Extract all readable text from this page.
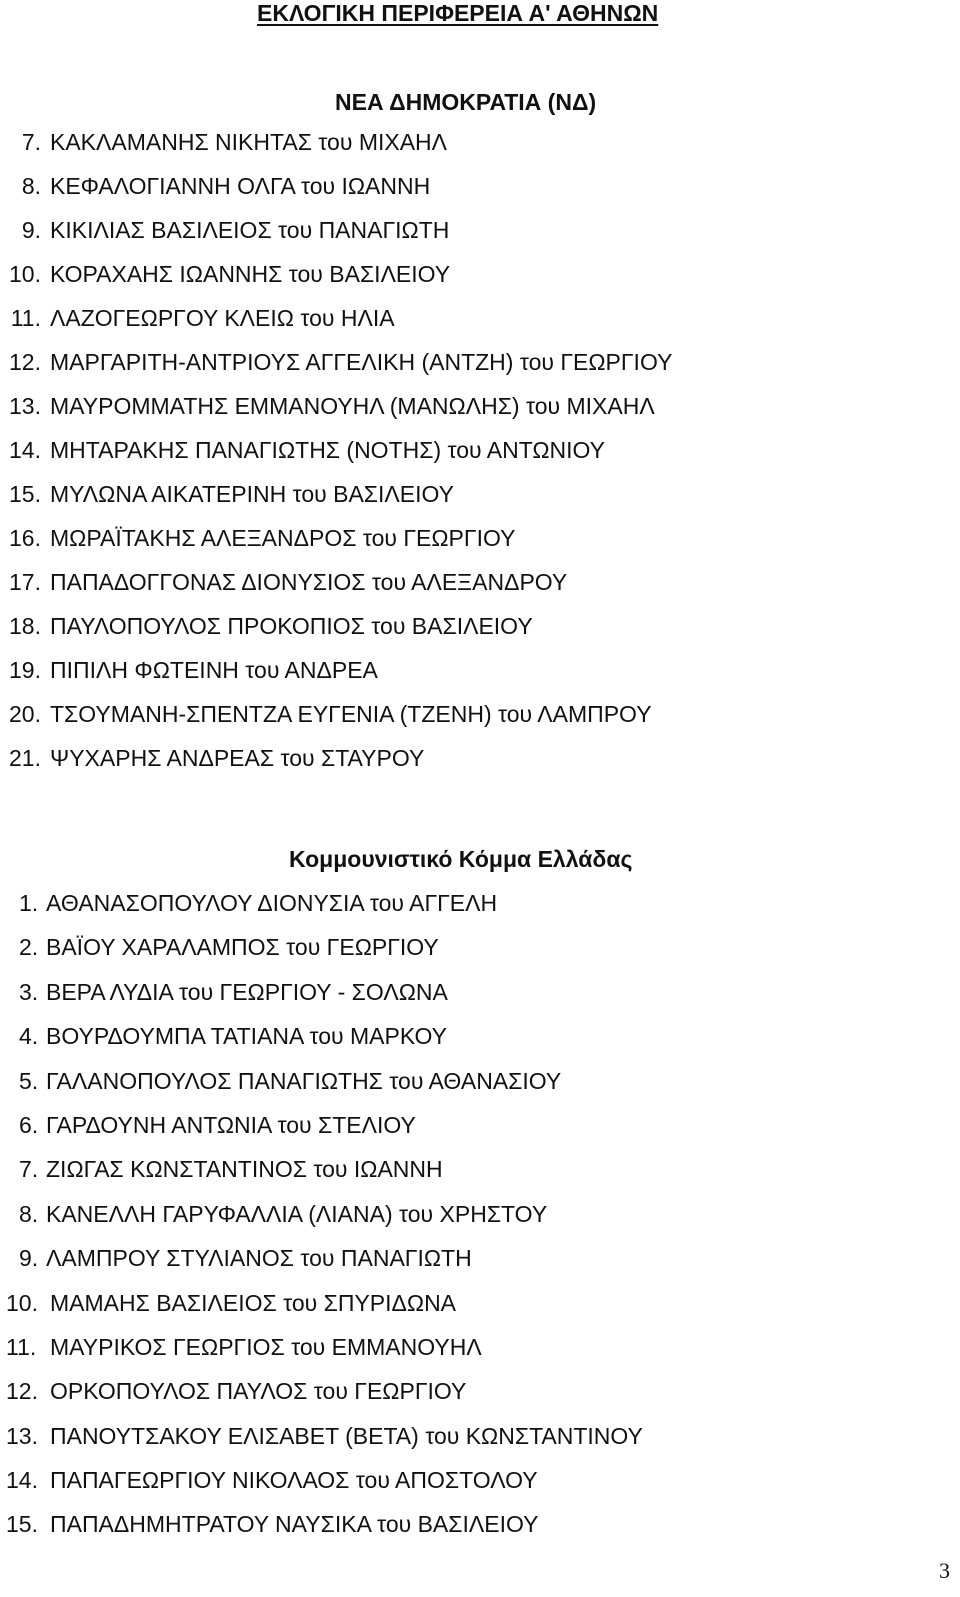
ΕΚΛΟΓΙΚΗ ΠΕΡΙΦΕΡΕΙΑ Α' ΑΘΗΝΩΝ
ΝΕΑ ΔΗΜΟΚΡΑΤΙΑ (ΝΔ)
7. ΚΑΚΛΑΜΑΝΗΣ ΝΙΚΗΤΑΣ του ΜΙΧΑΗΛ
8. ΚΕΦΑΛΟΓΙΑΝΝΗ ΟΛΓΑ του ΙΩΑΝΝΗ
9. ΚΙΚΙΛΙΑΣ ΒΑΣΙΛΕΙΟΣ του ΠΑΝΑΓΙΩΤΗ
10. ΚΟΡΑΧΑΗΣ ΙΩΑΝΝΗΣ του ΒΑΣΙΛΕΙΟΥ
11. ΛΑΖΟΓΕΩΡΓΟΥ ΚΛΕΙΩ του ΗΛΙΑ
12. ΜΑΡΓΑΡΙΤΗ-ΑΝΤΡΙΟΥΣ ΑΓΓΕΛΙΚΗ (ΑΝΤΖΗ) του ΓΕΩΡΓΙΟΥ
13. ΜΑΥΡΟΜΜΑΤΗΣ ΕΜΜΑΝΟΥΗΛ (ΜΑΝΩΛΗΣ) του ΜΙΧΑΗΛ
14. ΜΗΤΑΡΑΚΗΣ ΠΑΝΑΓΙΩΤΗΣ (ΝΟΤΗΣ) του ΑΝΤΩΝΙΟΥ
15. ΜΥΛΩΝΑ ΑΙΚΑΤΕΡΙΝΗ του ΒΑΣΙΛΕΙΟΥ
16. ΜΩΡΑΪΤΑΚΗΣ ΑΛΕΞΑΝΔΡΟΣ του ΓΕΩΡΓΙΟΥ
17. ΠΑΠΑΔΟΓΓΟΝΑΣ ΔΙΟΝΥΣΙΟΣ του ΑΛΕΞΑΝΔΡΟΥ
18. ΠΑΥΛΟΠΟΥΛΟΣ ΠΡΟΚΟΠΙΟΣ του ΒΑΣΙΛΕΙΟΥ
19. ΠΙΠΙΛΗ ΦΩΤΕΙΝΗ του ΑΝΔΡΕΑ
20. ΤΣΟΥΜΑΝΗ-ΣΠΕΝΤΖΑ ΕΥΓΕΝΙΑ (ΤΖΕΝΗ) του ΛΑΜΠΡΟΥ
21. ΨΥΧΑΡΗΣ ΑΝΔΡΕΑΣ του ΣΤΑΥΡΟΥ
Κομμουνιστικό Κόμμα Ελλάδας
1. ΑΘΑΝΑΣΟΠΟΥΛΟΥ ΔΙΟΝΥΣΙΑ του ΑΓΓΕΛΗ
2. ΒΑΪΟΥ ΧΑΡΑΛΑΜΠΟΣ του ΓΕΩΡΓΙΟΥ
3. ΒΕΡΑ ΛΥΔΙΑ του ΓΕΩΡΓΙΟΥ - ΣΟΛΩΝΑ
4. ΒΟΥΡΔΟΥΜΠΑ ΤΑΤΙΑΝΑ του ΜΑΡΚΟΥ
5. ΓΑΛΑΝΟΠΟΥΛΟΣ ΠΑΝΑΓΙΩΤΗΣ του ΑΘΑΝΑΣΙΟΥ
6. ΓΑΡΔΟΥΝΗ ΑΝΤΩΝΙΑ του ΣΤΕΛΙΟΥ
7. ΖΙΩΓΑΣ ΚΩΝΣΤΑΝΤΙΝΟΣ του ΙΩΑΝΝΗ
8. ΚΑΝΕΛΛΗ ΓΑΡΥΦΑΛΛΙΑ (ΛΙΑΝΑ) του ΧΡΗΣΤΟΥ
9. ΛΑΜΠΡΟΥ ΣΤΥΛΙΑΝΟΣ του ΠΑΝΑΓΙΩΤΗ
10. ΜΑΜΑΗΣ ΒΑΣΙΛΕΙΟΣ του ΣΠΥΡΙΔΩΝΑ
11. ΜΑΥΡΙΚΟΣ ΓΕΩΡΓΙΟΣ του ΕΜΜΑΝΟΥΗΛ
12. ΟΡΚΟΠΟΥΛΟΣ ΠΑΥΛΟΣ του ΓΕΩΡΓΙΟΥ
13. ΠΑΝΟΥΤΣΑΚΟΥ ΕΛΙΣΑΒΕΤ (ΒΕΤΑ) του ΚΩΝΣΤΑΝΤΙΝΟΥ
14. ΠΑΠΑΓΕΩΡΓΙΟΥ ΝΙΚΟΛΑΟΣ του ΑΠΟΣΤΟΛΟΥ
15. ΠΑΠΑΔΗΜΗΤΡΑΤΟΥ ΝΑΥΣΙΚΑ του ΒΑΣΙΛΕΙΟΥ
3
